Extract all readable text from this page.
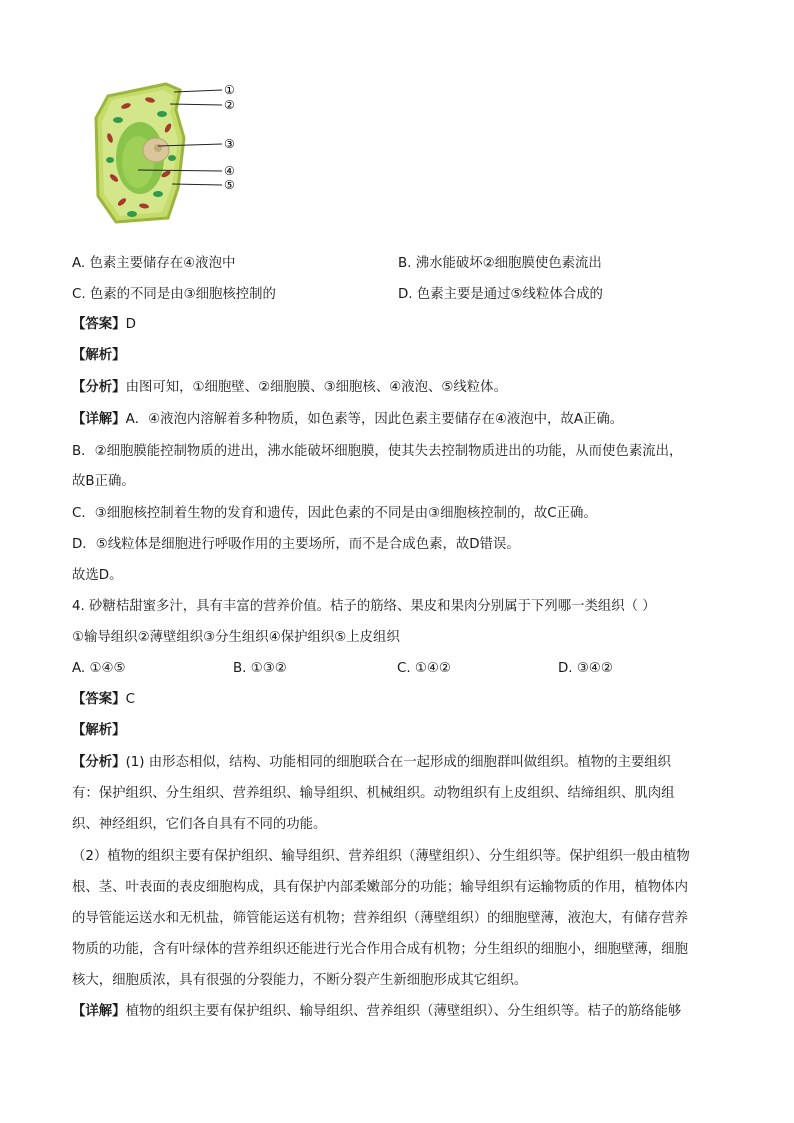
①
②
③
④
⑤
A. 色素主要储存在④液泡中	B. 沸水能破坏②细胞膜使色素流出
C. 色素的不同是由③细胞核控制的	D. 色素主要是通过⑤线粒体合成的
【答案】D
【解析】
【分析】由图可知，①细胞壁、②细胞膜、③细胞核、④液泡、⑤线粒体。
【详解】A．④液泡内溶解着多种物质，如色素等，因此色素主要储存在④液泡中，故A正确。
B．②细胞膜能控制物质的进出，沸水能破坏细胞膜，使其失去控制物质进出的功能，从而使色素流出，
故B正确。
C．③细胞核控制着生物的发育和遗传，因此色素的不同是由③细胞核控制的，故C正确。
D．⑤线粒体是细胞进行呼吸作用的主要场所，而不是合成色素，故D错误。
故选D。
4. 砂糖桔甜蜜多汁，具有丰富的营养价值。桔子的筋络、果皮和果肉分别属于下列哪一类组织（ ）
①输导组织②薄壁组织③分生组织④保护组织⑤上皮组织
A. ①④⑤	B. ①③②	C. ①④②	D. ③④②
【答案】C
【解析】
【分析】(1) 由形态相似，结构、功能相同的细胞联合在一起形成的细胞群叫做组织。植物的主要组织
有：保护组织、分生组织、营养组织、输导组织、机械组织。动物组织有上皮组织、结缔组织、肌肉组
织、神经组织，它们各自具有不同的功能。
（2）植物的组织主要有保护组织、输导组织、营养组织（薄壁组织）、分生组织等。保护组织一般由植物
根、茎、叶表面的表皮细胞构成，具有保护内部柔嫩部分的功能；输导组织有运输物质的作用，植物体内
的导管能运送水和无机盐，筛管能运送有机物；营养组织（薄壁组织）的细胞壁薄，液泡大，有储存营养
物质的功能，含有叶绿体的营养组织还能进行光合作用合成有机物；分生组织的细胞小，细胞壁薄，细胞
核大，细胞质浓，具有很强的分裂能力，不断分裂产生新细胞形成其它组织。
【详解】植物的组织主要有保护组织、输导组织、营养组织（薄壁组织）、分生组织等。桔子的筋络能够
